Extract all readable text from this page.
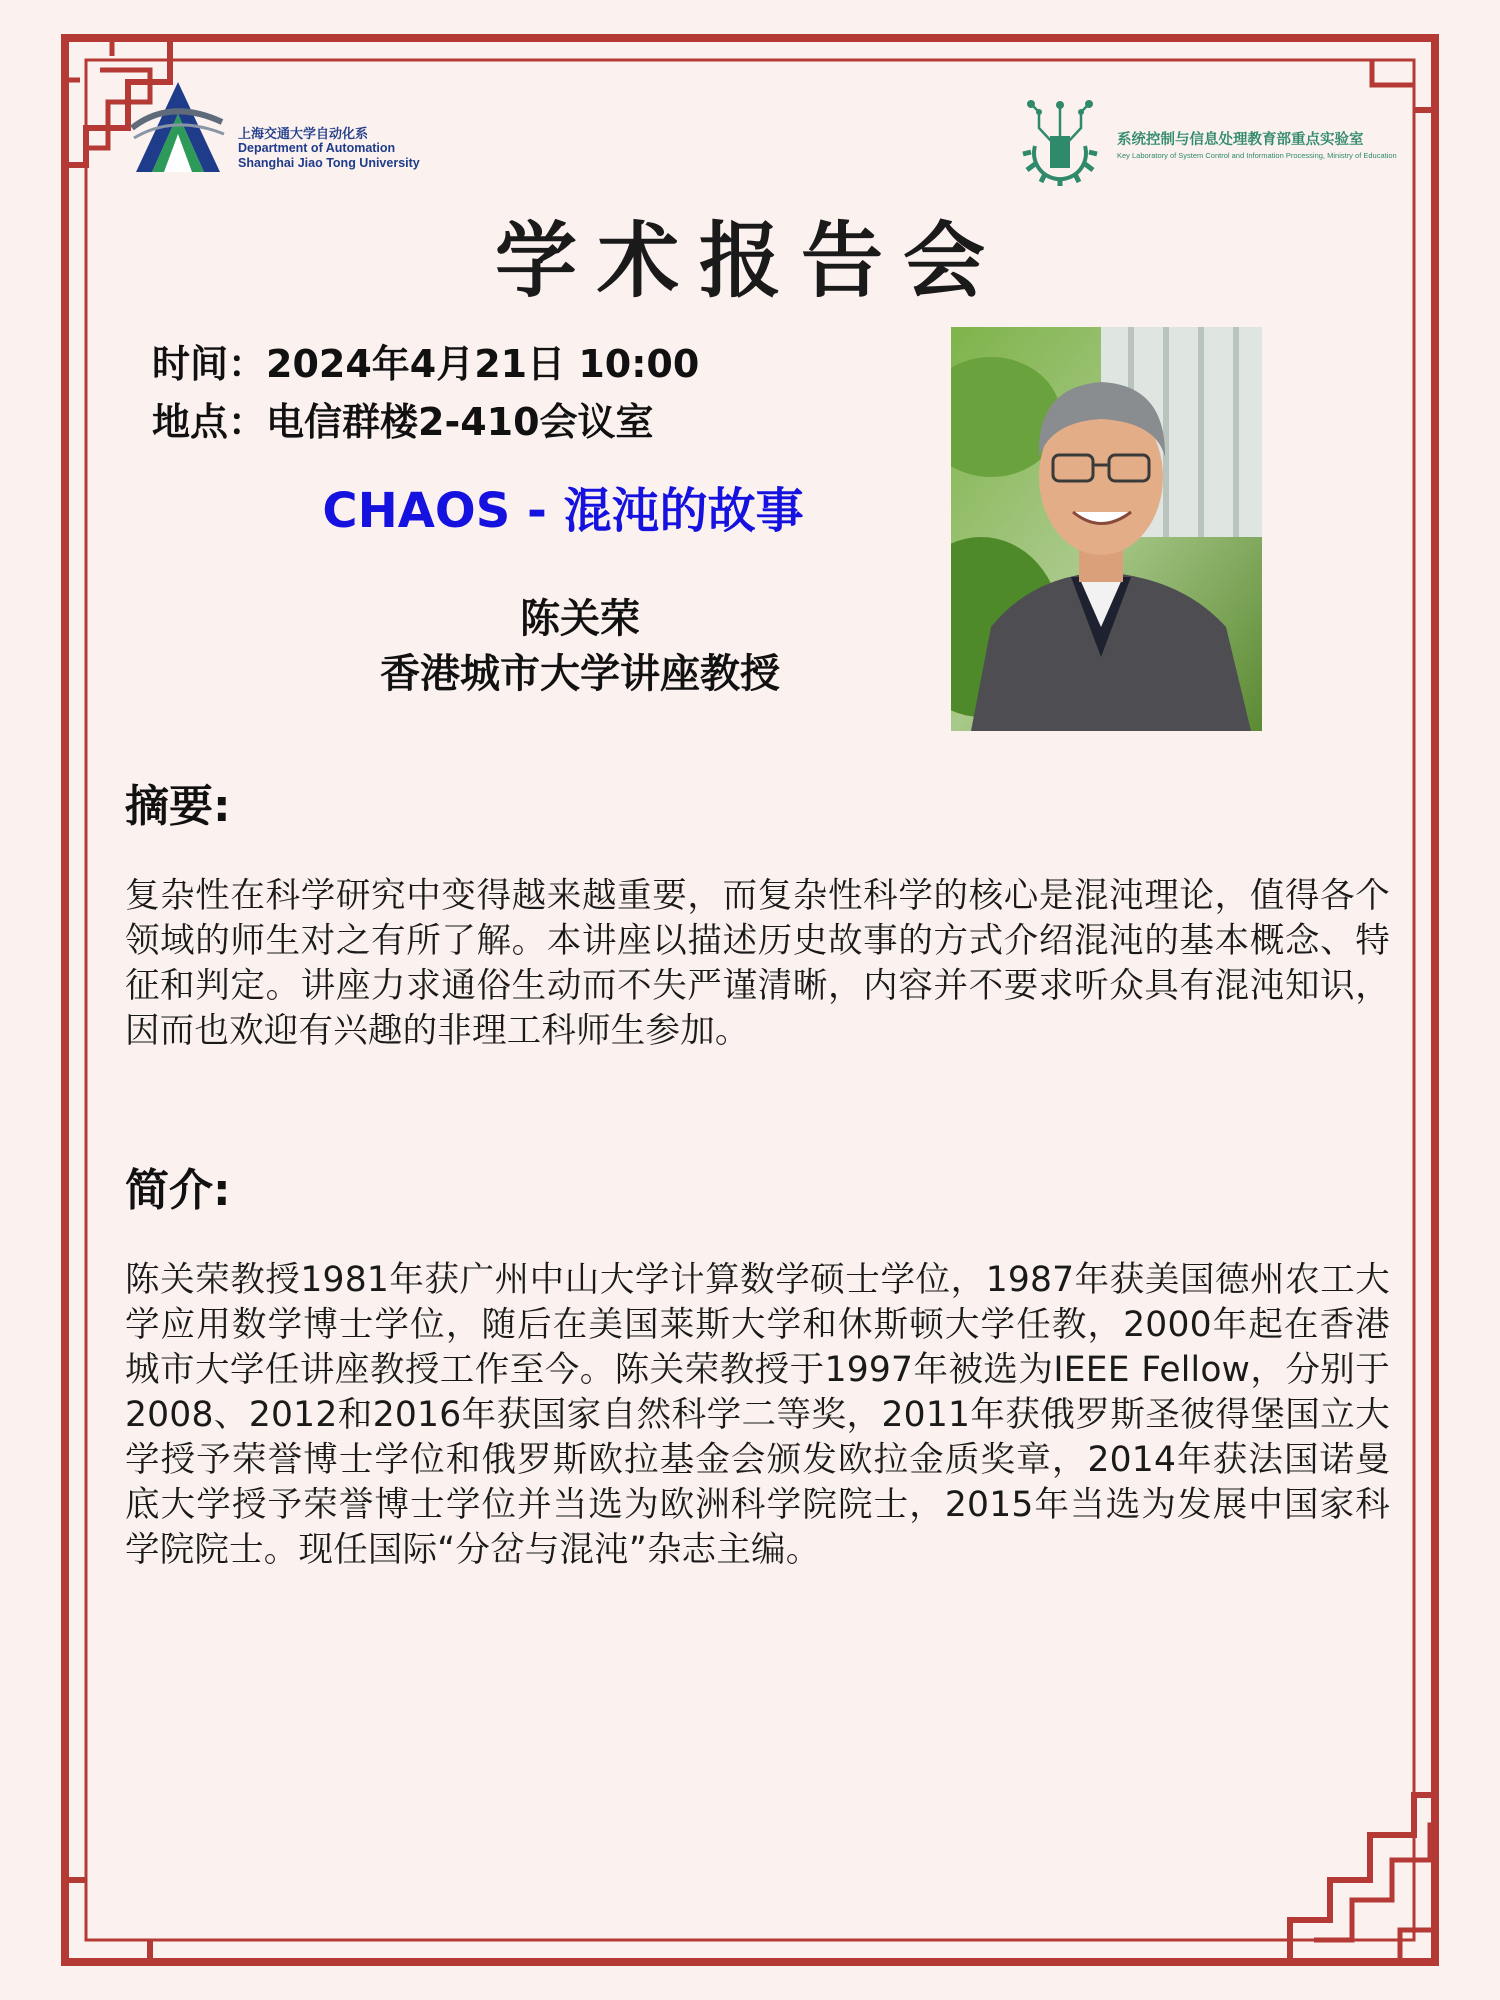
上海交通大学自动化系
Department of Automation
Shanghai Jiao Tong University
系统控制与信息处理教育部重点实验室
Key Laboratory of System Control and Information Processing, Ministry of Education
学术报告会
时间：2024年4月21日 10:00
地点：电信群楼2-410会议室
CHAOS - 混沌的故事
陈关荣
香港城市大学讲座教授
摘要:
复杂性在科学研究中变得越来越重要，而复杂性科学的核心是混沌理论，值得各个领域的师生对之有所了解。本讲座以描述历史故事的方式介绍混沌的基本概念、特征和判定。讲座力求通俗生动而不失严谨清晰，内容并不要求听众具有混沌知识，因而也欢迎有兴趣的非理工科师生参加。
简介:
陈关荣教授1981年获广州中山大学计算数学硕士学位，1987年获美国德州农工大学应用数学博士学位，随后在美国莱斯大学和休斯顿大学任教，2000年起在香港城市大学任讲座教授工作至今。陈关荣教授于1997年被选为IEEE Fellow，分别于2008、2012和2016年获国家自然科学二等奖，2011年获俄罗斯圣彼得堡国立大学授予荣誉博士学位和俄罗斯欧拉基金会颁发欧拉金质奖章，2014年获法国诺曼底大学授予荣誉博士学位并当选为欧洲科学院院士，2015年当选为发展中国家科学院院士。现任国际“分岔与混沌”杂志主编。
